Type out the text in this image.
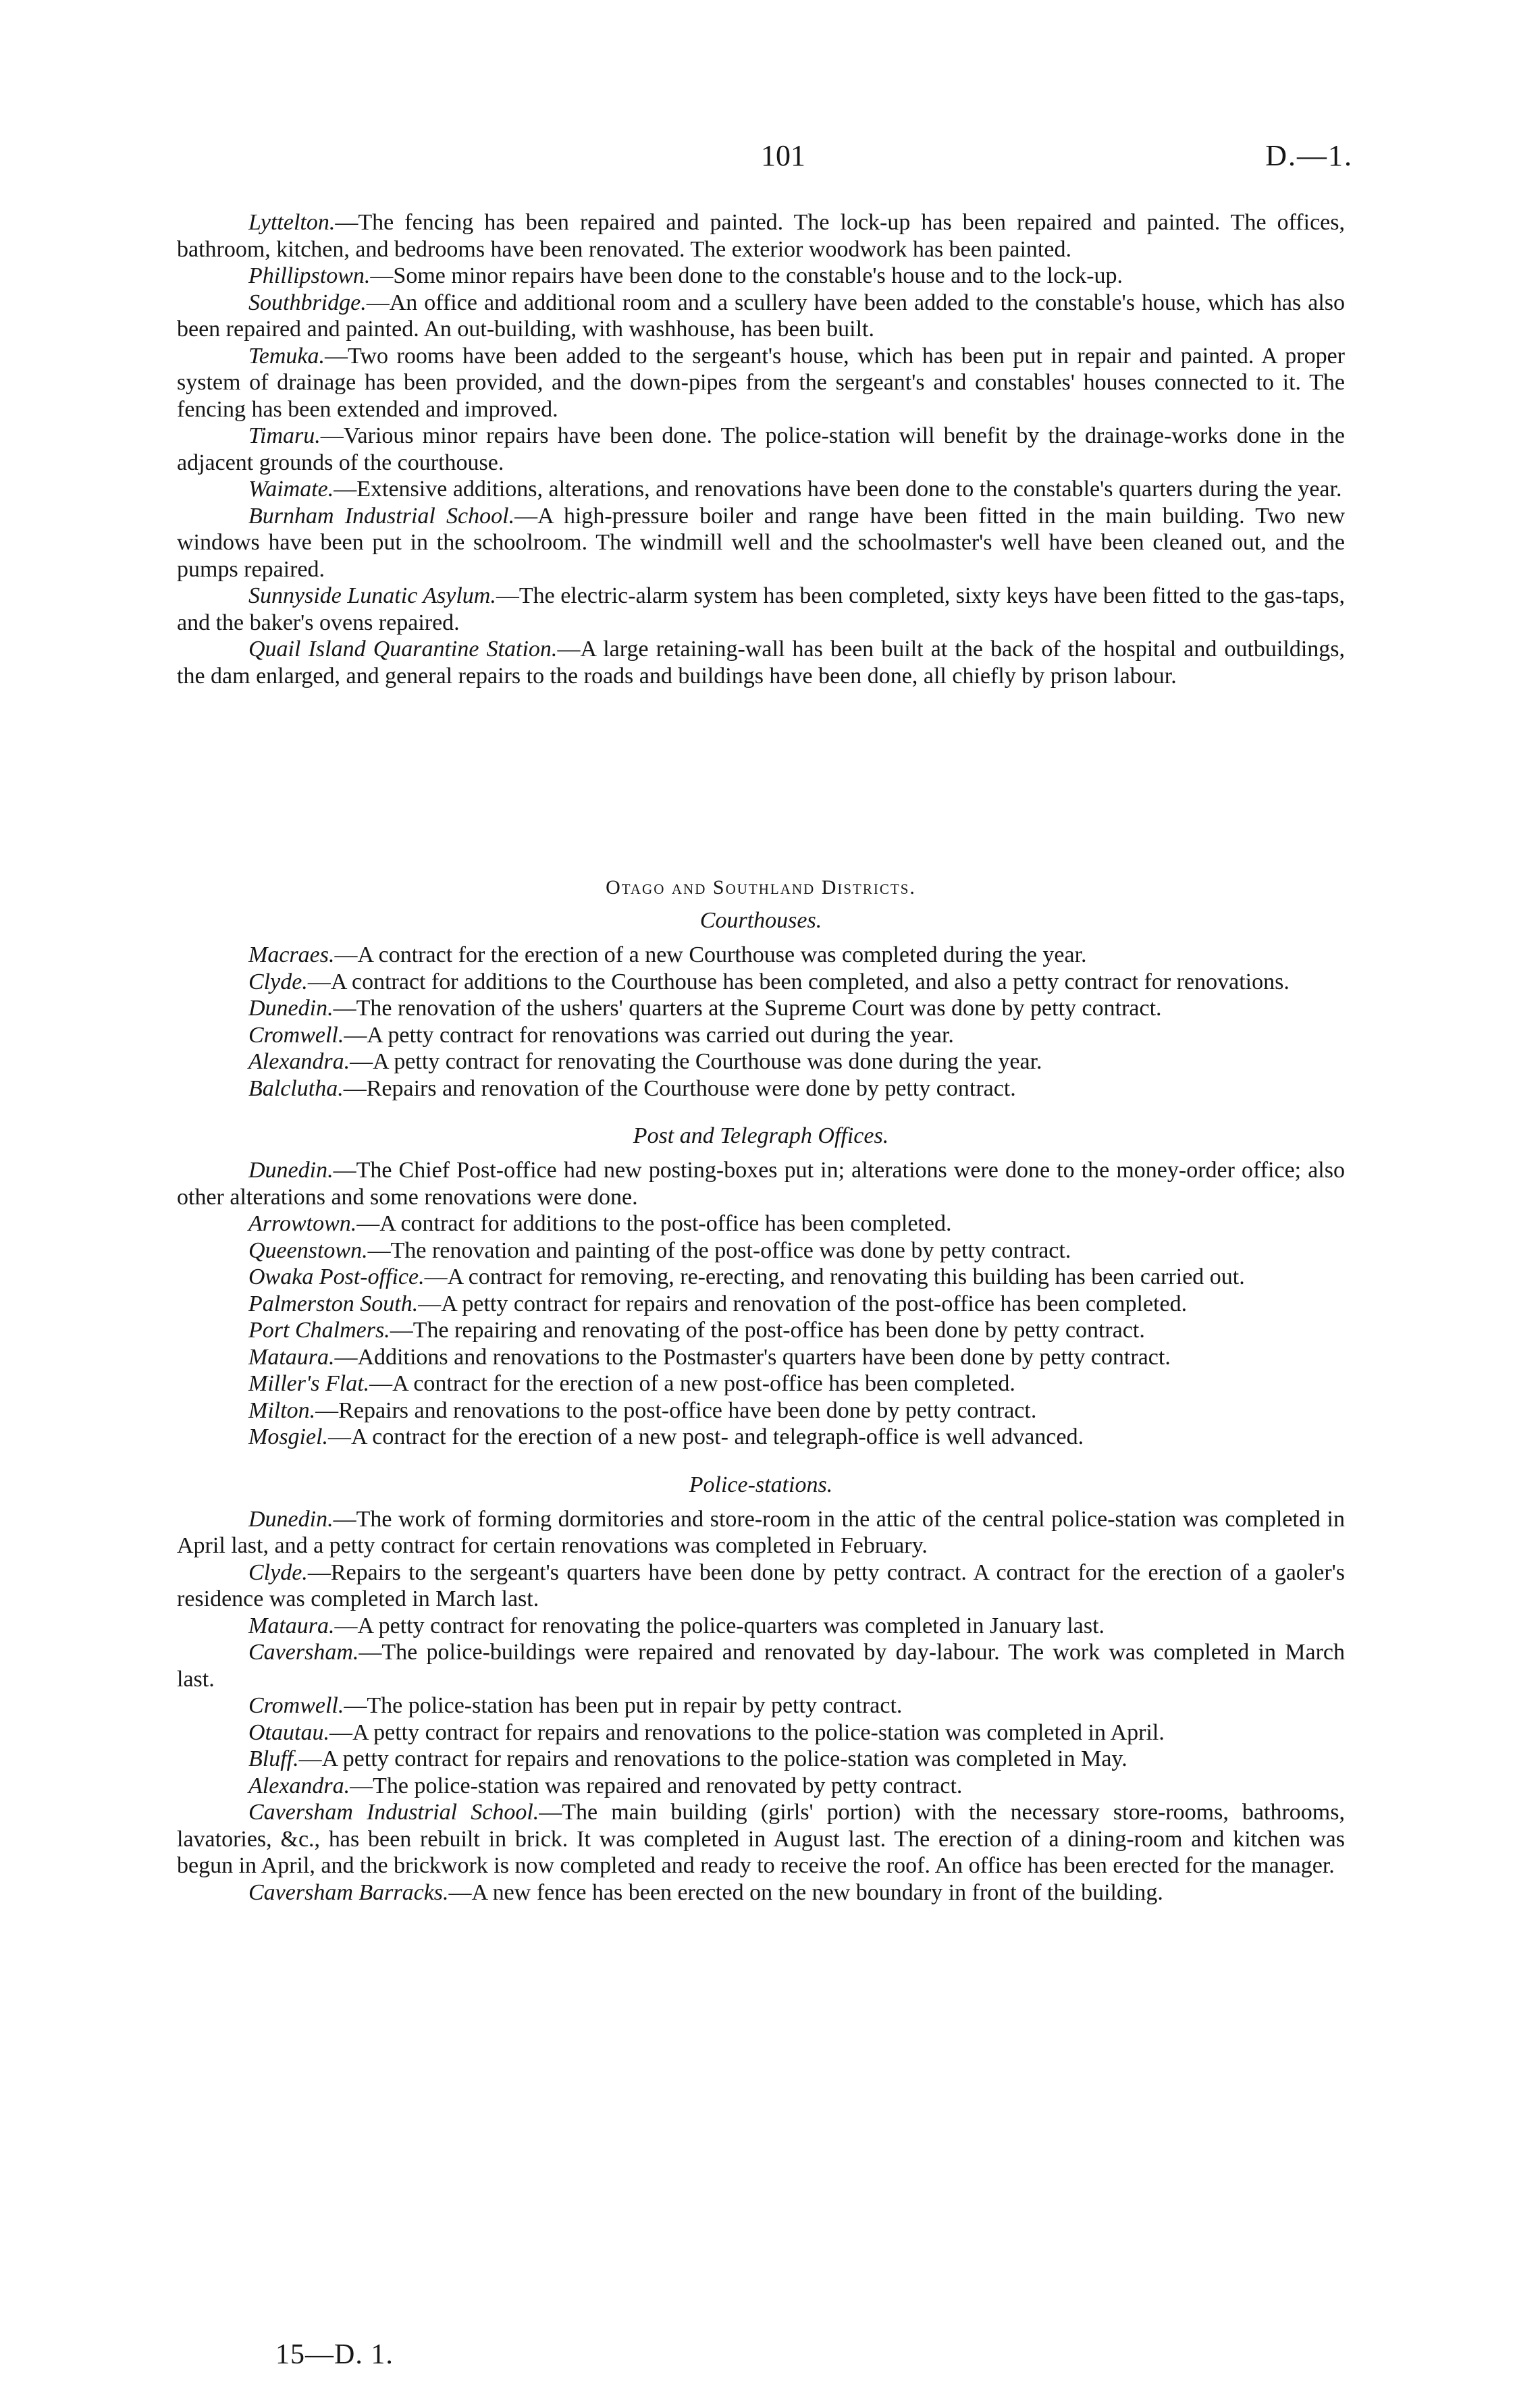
101	D.—1.

Lyttelton.—The fencing has been repaired and painted. The lock-up has been repaired and painted. The offices, bathroom, kitchen, and bedrooms have been renovated. The exterior woodwork has been painted.

Phillipstown.—Some minor repairs have been done to the constable's house and to the lock-up.

Southbridge.—An office and additional room and a scullery have been added to the constable's house, which has also been repaired and painted. An out-building, with washhouse, has been built.

Temuka.—Two rooms have been added to the sergeant's house, which has been put in repair and painted. A proper system of drainage has been provided, and the down-pipes from the sergeant's and constables' houses connected to it. The fencing has been extended and improved.

Timaru.—Various minor repairs have been done. The police-station will benefit by the drainage-works done in the adjacent grounds of the courthouse.

Waimate.—Extensive additions, alterations, and renovations have been done to the constable's quarters during the year.

Burnham Industrial School.—A high-pressure boiler and range have been fitted in the main building. Two new windows have been put in the schoolroom. The windmill well and the schoolmaster's well have been cleaned out, and the pumps repaired.

Sunnyside Lunatic Asylum.—The electric-alarm system has been completed, sixty keys have been fitted to the gas-taps, and the baker's ovens repaired.

Quail Island Quarantine Station.—A large retaining-wall has been built at the back of the hospital and outbuildings, the dam enlarged, and general repairs to the roads and buildings have been done, all chiefly by prison labour.

Otago and Southland Districts.
Courthouses.

Macraes.—A contract for the erection of a new Courthouse was completed during the year.

Clyde.—A contract for additions to the Courthouse has been completed, and also a petty contract for renovations.

Dunedin.—The renovation of the ushers' quarters at the Supreme Court was done by petty contract.

Cromwell.—A petty contract for renovations was carried out during the year.

Alexandra.—A petty contract for renovating the Courthouse was done during the year.

Balclutha.—Repairs and renovation of the Courthouse were done by petty contract.

Post and Telegraph Offices.

Dunedin.—The Chief Post-office had new posting-boxes put in; alterations were done to the money-order office; also other alterations and some renovations were done.

Arrowtown.—A contract for additions to the post-office has been completed.

Queenstown.—The renovation and painting of the post-office was done by petty contract.

Owaka Post-office.—A contract for removing, re-erecting, and renovating this building has been carried out.

Palmerston South.—A petty contract for repairs and renovation of the post-office has been completed.

Port Chalmers.—The repairing and renovating of the post-office has been done by petty contract.

Mataura.—Additions and renovations to the Postmaster's quarters have been done by petty contract.

Miller's Flat.—A contract for the erection of a new post-office has been completed.

Milton.—Repairs and renovations to the post-office have been done by petty contract.

Mosgiel.—A contract for the erection of a new post- and telegraph-office is well advanced.

Police-stations.

Dunedin.—The work of forming dormitories and store-room in the attic of the central police-station was completed in April last, and a petty contract for certain renovations was completed in February.

Clyde.—Repairs to the sergeant's quarters have been done by petty contract. A contract for the erection of a gaoler's residence was completed in March last.

Mataura.—A petty contract for renovating the police-quarters was completed in January last.

Caversham.—The police-buildings were repaired and renovated by day-labour. The work was completed in March last.

Cromwell.—The police-station has been put in repair by petty contract.

Otautau.—A petty contract for repairs and renovations to the police-station was completed in April.

Bluff.—A petty contract for repairs and renovations to the police-station was completed in May.

Alexandra.—The police-station was repaired and renovated by petty contract.

Caversham Industrial School.—The main building (girls' portion) with the necessary store-rooms, bathrooms, lavatories, &c., has been rebuilt in brick. It was completed in August last. The erection of a dining-room and kitchen was begun in April, and the brickwork is now completed and ready to receive the roof. An office has been erected for the manager.

Caversham Barracks.—A new fence has been erected on the new boundary in front of the building.

15—D. 1.
